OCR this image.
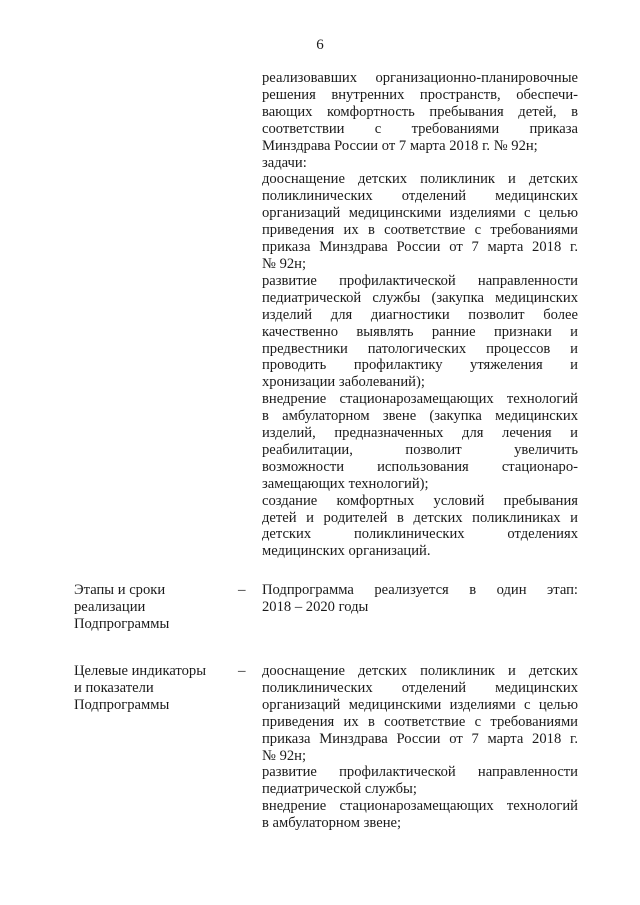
6
реализовавших организационно-планировочные
решения внутренних пространств, обеспечи-
вающих комфортность пребывания детей, в
соответствии с требованиями приказа
Минздрава России от 7 марта 2018 г. № 92н;
задачи:
дооснащение детских поликлиник и детских
поликлинических отделений медицинских
организаций медицинскими изделиями с целью
приведения их в соответствие с требованиями
приказа Минздрава России от 7 марта 2018 г.
№ 92н;
развитие профилактической направленности
педиатрической службы (закупка медицинских
изделий для диагностики позволит более
качественно выявлять ранние признаки и
предвестники патологических процессов и
проводить профилактику утяжеления и
хронизации заболеваний);
внедрение стационарозамещающих технологий
в амбулаторном звене (закупка медицинских
изделий, предназначенных для лечения и
реабилитации, позволит увеличить
возможности использования стационаро-
замещающих технологий);
создание комфортных условий пребывания
детей и родителей в детских поликлиниках и
детских поликлинических отделениях
медицинских организаций.
Этапы и сроки
реализации
Подпрограммы
– Подпрограмма реализуется в один этап:
2018 – 2020 годы
Целевые индикаторы
и показатели
Подпрограммы
– дооснащение детских поликлиник и детских
поликлинических отделений медицинских
организаций медицинскими изделиями с целью
приведения их в соответствие с требованиями
приказа Минздрава России от 7 марта 2018 г.
№ 92н;
развитие профилактической направленности
педиатрической службы;
внедрение стационарозамещающих технологий
в амбулаторном звене;
